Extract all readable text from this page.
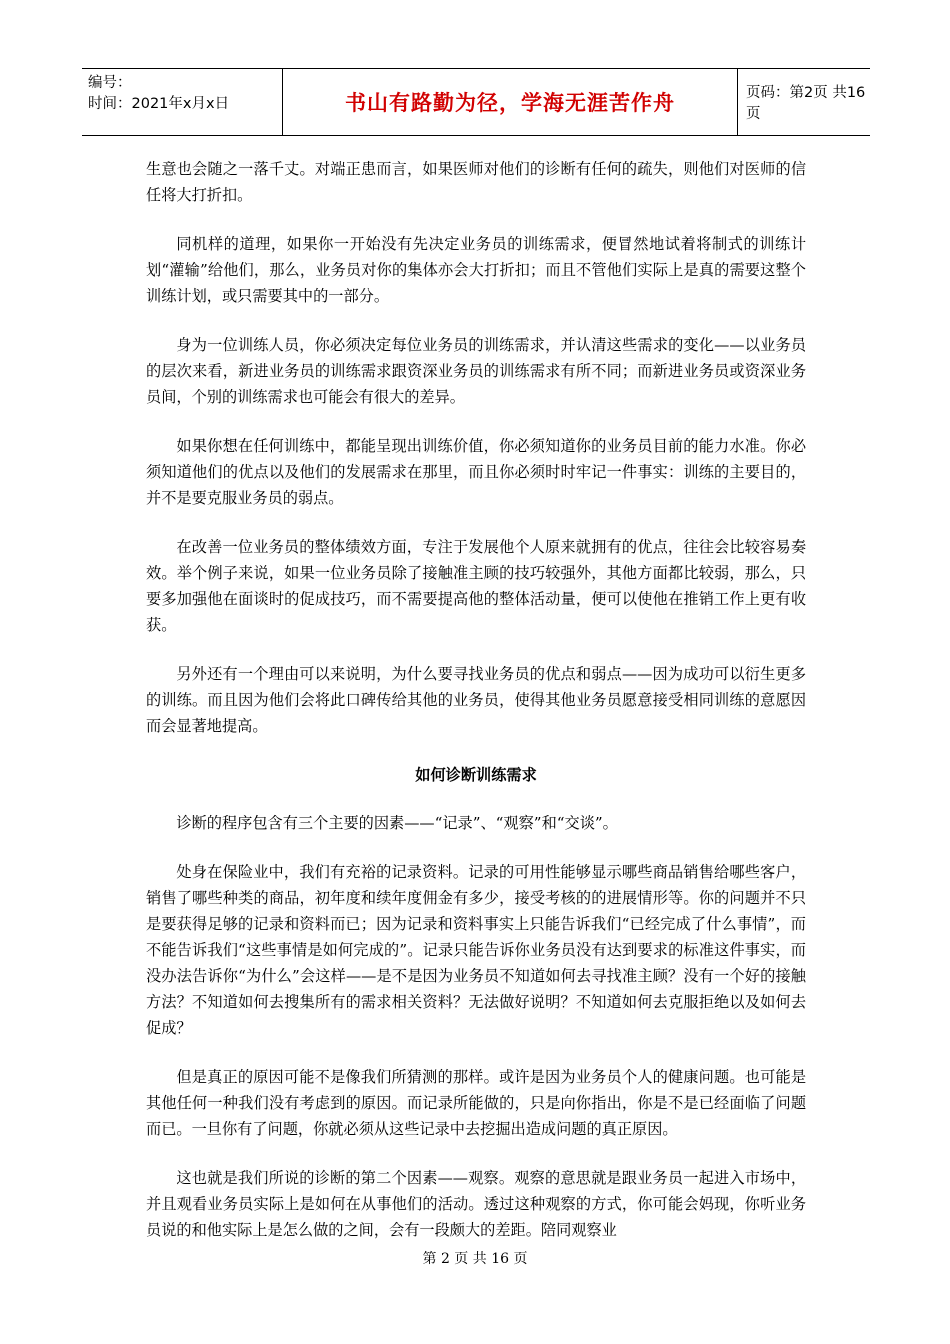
编号：
时间：2021年x月x日	书山有路勤为径，学海无涯苦作舟	页码：第2页 共16页

生意也会随之一落千丈。对端正患而言，如果医师对他们的诊断有任何的疏失，则他们对医师的信任将大打折扣。

同机样的道理，如果你一开始没有先决定业务员的训练需求，便冒然地试着将制式的训练计划“灌输”给他们，那么，业务员对你的集体亦会大打折扣；而且不管他们实际上是真的需要这整个训练计划，或只需要其中的一部分。

身为一位训练人员，你必须决定每位业务员的训练需求，并认清这些需求的变化——以业务员的层次来看，新进业务员的训练需求跟资深业务员的训练需求有所不同；而新进业务员或资深业务员间，个别的训练需求也可能会有很大的差异。

如果你想在任何训练中，都能呈现出训练价值，你必须知道你的业务员目前的能力水准。你必须知道他们的优点以及他们的发展需求在那里，而且你必须时时牢记一件事实：训练的主要目的，并不是要克服业务员的弱点。

在改善一位业务员的整体绩效方面，专注于发展他个人原来就拥有的优点，往往会比较容易奏效。举个例子来说，如果一位业务员除了接触准主顾的技巧较强外，其他方面都比较弱，那么，只要多加强他在面谈时的促成技巧，而不需要提高他的整体活动量，便可以使他在推销工作上更有收获。

另外还有一个理由可以来说明，为什么要寻找业务员的优点和弱点——因为成功可以衍生更多的训练。而且因为他们会将此口碑传给其他的业务员，使得其他业务员愿意接受相同训练的意愿因而会显著地提高。

如何诊断训练需求

诊断的程序包含有三个主要的因素——“记录”、“观察”和“交谈”。

处身在保险业中，我们有充裕的记录资料。记录的可用性能够显示哪些商品销售给哪些客户，销售了哪些种类的商品，初年度和续年度佣金有多少，接受考核的的进展情形等。你的问题并不只是要获得足够的记录和资料而已；因为记录和资料事实上只能告诉我们“已经完成了什么事情”，而不能告诉我们“这些事情是如何完成的”。记录只能告诉你业务员没有达到要求的标准这件事实，而没办法告诉你“为什么”会这样——是不是因为业务员不知道如何去寻找准主顾？没有一个好的接触方法？不知道如何去搜集所有的需求相关资料？无法做好说明？不知道如何去克服拒绝以及如何去促成？

但是真正的原因可能不是像我们所猜测的那样。或许是因为业务员个人的健康问题。也可能是其他任何一种我们没有考虑到的原因。而记录所能做的，只是向你指出，你是不是已经面临了问题而已。一旦你有了问题，你就必须从这些记录中去挖掘出造成问题的真正原因。

这也就是我们所说的诊断的第二个因素——观察。观察的意思就是跟业务员一起进入市场中，并且观看业务员实际上是如何在从事他们的活动。透过这种观察的方式，你可能会妈现，你听业务员说的和他实际上是怎么做的之间，会有一段颇大的差距。陪同观察业

第 2 页 共 16 页
